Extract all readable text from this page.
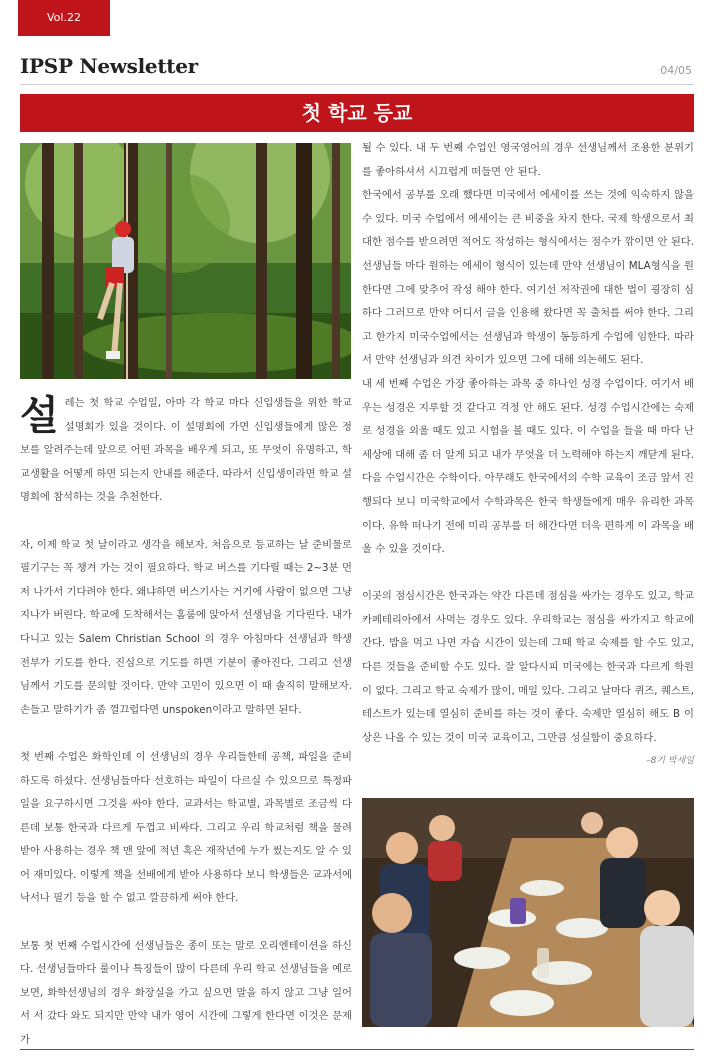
Vol.22
IPSP Newsletter	04/05
첫 학교 등교

설레는 첫 학교 수업일, 아마 각 학교 마다 신입생들을 위한 학교 설명회가 있을 것이다. 이 설명회에 가면 신입생들에게 많은 정보를 알려주는데 앞으로 어떤 과목을 배우게 되고, 또 무엇이 유명하고, 학교생활을 어떻게 하면 되는지 안내를 해준다. 따라서 신입생이라면 학교 설명회에 참석하는 것을 추천한다.

자, 이제 학교 첫 날이라고 생각을 해보자. 처음으로 등교하는 날 준비물로 필기구는 꼭 챙겨 가는 것이 필요하다. 학교 버스를 기다릴 때는 2~3분 먼저 나가서 기다려야 한다. 왜냐하면 버스기사는 거기에 사람이 없으면 그냥 지나가 버린다. 학교에 도착해서는 홈룸에 앉아서 선생님을 기다린다. 내가 다니고 있는 Salem Christian School 의 경우 아침마다 선생님과 학생 전부가 기도를 한다. 진심으로 기도를 하면 기분이 좋아진다. 그리고 선생님께서 기도를 문의할 것이다. 만약 고민이 있으면 이 때 솔직히 말해보자. 손들고 말하기가 좀 껄끄럽다면 unspoken이라고 말하면 된다.

첫 번째 수업은 화학인데 이 선생님의 경우 우리들한테 공책, 파일을 준비하도록 하셨다. 선생님들마다 선호하는 파일이 다르실 수 있으므로 특정파일을 요구하시면 그것을 싸야 한다. 교과서는 학교별, 과목별로 조금씩 다른데 보통 한국과 다르게 두껍고 비싸다. 그리고 우리 학교처럼 책을 물려받아 사용하는 경우 책 맨 앞에 적년 혹은 재작년에 누가 썼는지도 알 수 있어 재미있다. 이렇게 책을 선배에게 받아 사용하다 보니 학생들은 교과서에 낙서나 필기 등을 할 수 없고 깔끔하게 써야 한다.

보통 첫 번째 수업시간에 선생님들은 종이 또는 말로 오리엔테이션을 하신다. 선생님들마다 룰이나 특징들이 많이 다른데 우리 학교 선생님들을 예로 보면, 화학선생님의 경우 화장실을 가고 싶으면 말을 하지 않고 그냥 일어서 서 갔다 와도 되지만 만약 내가 영어 시간에 그렇게 한다면 이것은 문제가

될 수 있다. 내 두 번째 수업인 영국영어의 경우 선생님께서 조용한 분위기를 좋아하셔서 시끄럽게 떠들면 안 된다.

한국에서 공부를 오래 했다면 미국에서 에세이를 쓰는 것에 익숙하지 않을 수 있다. 미국 수업에서 에세이는 큰 비중을 차지 한다. 국제 학생으로서 최대한 점수를 받으려면 적어도 작성하는 형식에서는 점수가 깎이면 안 된다. 선생님들 마다 원하는 에세이 형식이 있는데 만약 선생님이 MLA형식을 원한다면 그에 맞추어 작성 해야 한다. 여기선 저작권에 대한 법이 굉장히 심하다 그러므로 만약 어디서 글을 인용해 왔다면 꼭 출처를 써야 한다. 그리고 한가지 미국수업에서는 선생님과 학생이 동등하게 수업에 임한다. 따라서 만약 선생님과 의견 차이가 있으면 그에 대해 의논해도 된다.

내 세 번째 수업은 가장 좋아하는 과목 중 하나인 성경 수업이다. 여기서 배우는 성경은 지루할 것 같다고 걱정 안 해도 된다. 성경 수업시간에는 숙제로 성경을 외울 때도 있고 시험을 볼 때도 있다. 이 수업을 들을 때 마다 난 세상에 대해 좀 더 알게 되고 내가 무엇을 더 노력해야 하는지 깨닫게 된다. 다음 수업시간은 수학이다. 아무래도 한국에서의 수학 교육이 조금 앞서 진행되다 보니 미국학교에서 수학과목은 한국 학생들에게 매우 유리한 과목이다. 유학 떠나기 전에 미리 공부를 더 해간다면 더욱 편하게 이 과목을 배울 수 있을 것이다.

이곳의 점심시간은 한국과는 약간 다른데 점심을 싸가는 경우도 있고, 학교 카페테리아에서 사먹는 경우도 있다. 우리학교는 점심을 싸가지고 학교에 간다. 밥을 먹고 나면 자습 시간이 있는데 그때 학교 숙제를 할 수도 있고, 다른 것들을 준비할 수도 있다. 잘 알다시피 미국에는 한국과 다르게 학원이 없다. 그리고 학교 숙제가 많이, 매일 있다. 그리고 날마다 퀴즈, 퀘스트, 테스트가 있는데 열심히 준비를 하는 것이 좋다. 숙제만 열심히 해도 B 이상은 나올 수 있는 것이 미국 교육이고, 그만큼 성실함이 중요하다.

–8기 박세일
